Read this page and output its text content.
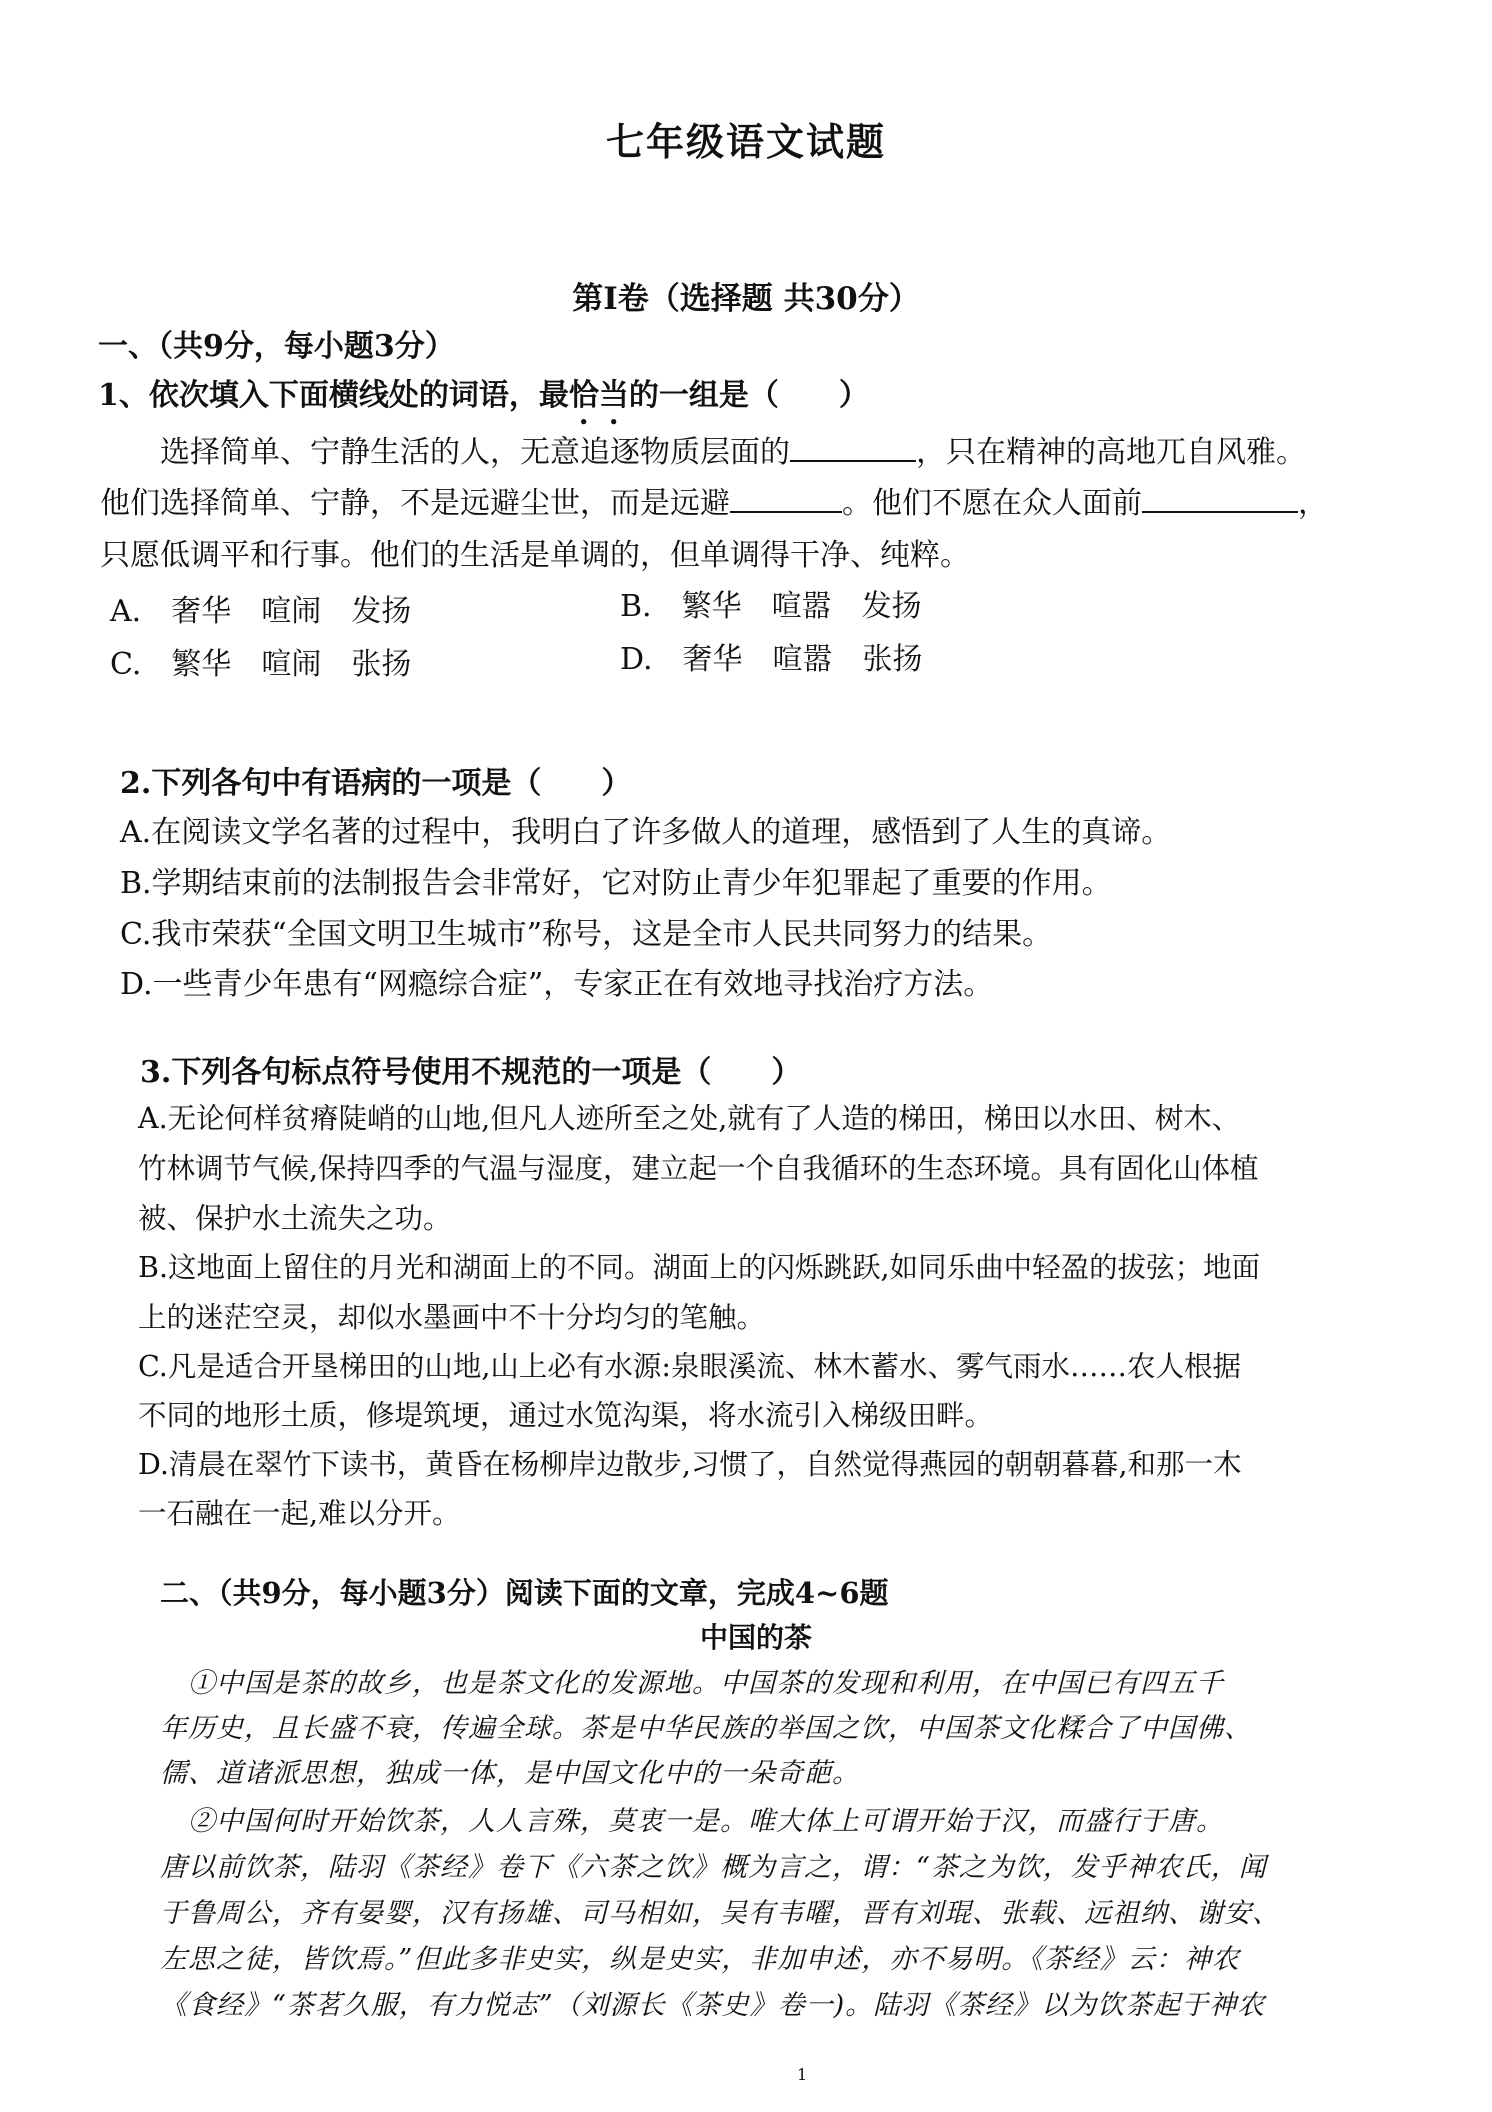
七年级语文试题
第Ⅰ卷（选择题 共30分）
一、（共9分，每小题3分）
1、依次填入下面横线处的词语，最恰当的一组是（　　）
　　选择简单、宁静生活的人，无意追逐物质层面的	，只在精神的高地兀自风雅。
他们选择简单、宁静，不是远避尘世，而是远避	。他们不愿在众人面前	，
只愿低调平和行事。他们的生活是单调的，但单调得干净、纯粹。
A.　奢华　喧闹　发扬	B.　繁华　喧嚣　发扬
C.　繁华　喧闹　张扬	D.　奢华　喧嚣　张扬
2.下列各句中有语病的一项是（　　）
A.在阅读文学名著的过程中，我明白了许多做人的道理，感悟到了人生的真谛。
B.学期结束前的法制报告会非常好，它对防止青少年犯罪起了重要的作用。
C.我市荣获“全国文明卫生城市”称号，这是全市人民共同努力的结果。
D.一些青少年患有“网瘾综合症”，专家正在有效地寻找治疗方法。
3.下列各句标点符号使用不规范的一项是（　　）
A.无论何样贫瘠陡峭的山地,但凡人迹所至之处,就有了人造的梯田，梯田以水田、树木、
竹林调节气候,保持四季的气温与湿度，建立起一个自我循环的生态环境。具有固化山体植
被、保护水土流失之功。
B.这地面上留住的月光和湖面上的不同。湖面上的闪烁跳跃,如同乐曲中轻盈的拔弦；地面
上的迷茫空灵，却似水墨画中不十分均匀的笔触。
C.凡是适合开垦梯田的山地,山上必有水源:泉眼溪流、林木蓄水、雾气雨水……农人根据
不同的地形土质，修堤筑埂，通过水笕沟渠，将水流引入梯级田畔。
D.清晨在翠竹下读书，黄昏在杨柳岸边散步,习惯了，自然觉得燕园的朝朝暮暮,和那一木
一石融在一起,难以分开。
二、（共9分，每小题3分）阅读下面的文章，完成4~6题
中国的茶
　①中国是茶的故乡，也是茶文化的发源地。中国茶的发现和利用，在中国已有四五千
年历史，且长盛不衰，传遍全球。茶是中华民族的举国之饮，中国茶文化糅合了中国佛、
儒、道诸派思想，独成一体，是中国文化中的一朵奇葩。
　②中国何时开始饮茶，人人言殊，莫衷一是。唯大体上可谓开始于汉，而盛行于唐。
唐以前饮茶，陆羽《茶经》卷下《六茶之饮》概为言之，谓：“茶之为饮，发乎神农氏，闻
于鲁周公，齐有晏婴，汉有扬雄、司马相如，吴有韦曜，晋有刘琨、张载、远祖纳、谢安、
左思之徒，皆饮焉。”但此多非史实，纵是史实，非加申述，亦不易明。《茶经》云：神农
《食经》“茶茗久服，有力悦志”（刘源长《茶史》卷一)。陆羽《茶经》以为饮茶起于神农
1
